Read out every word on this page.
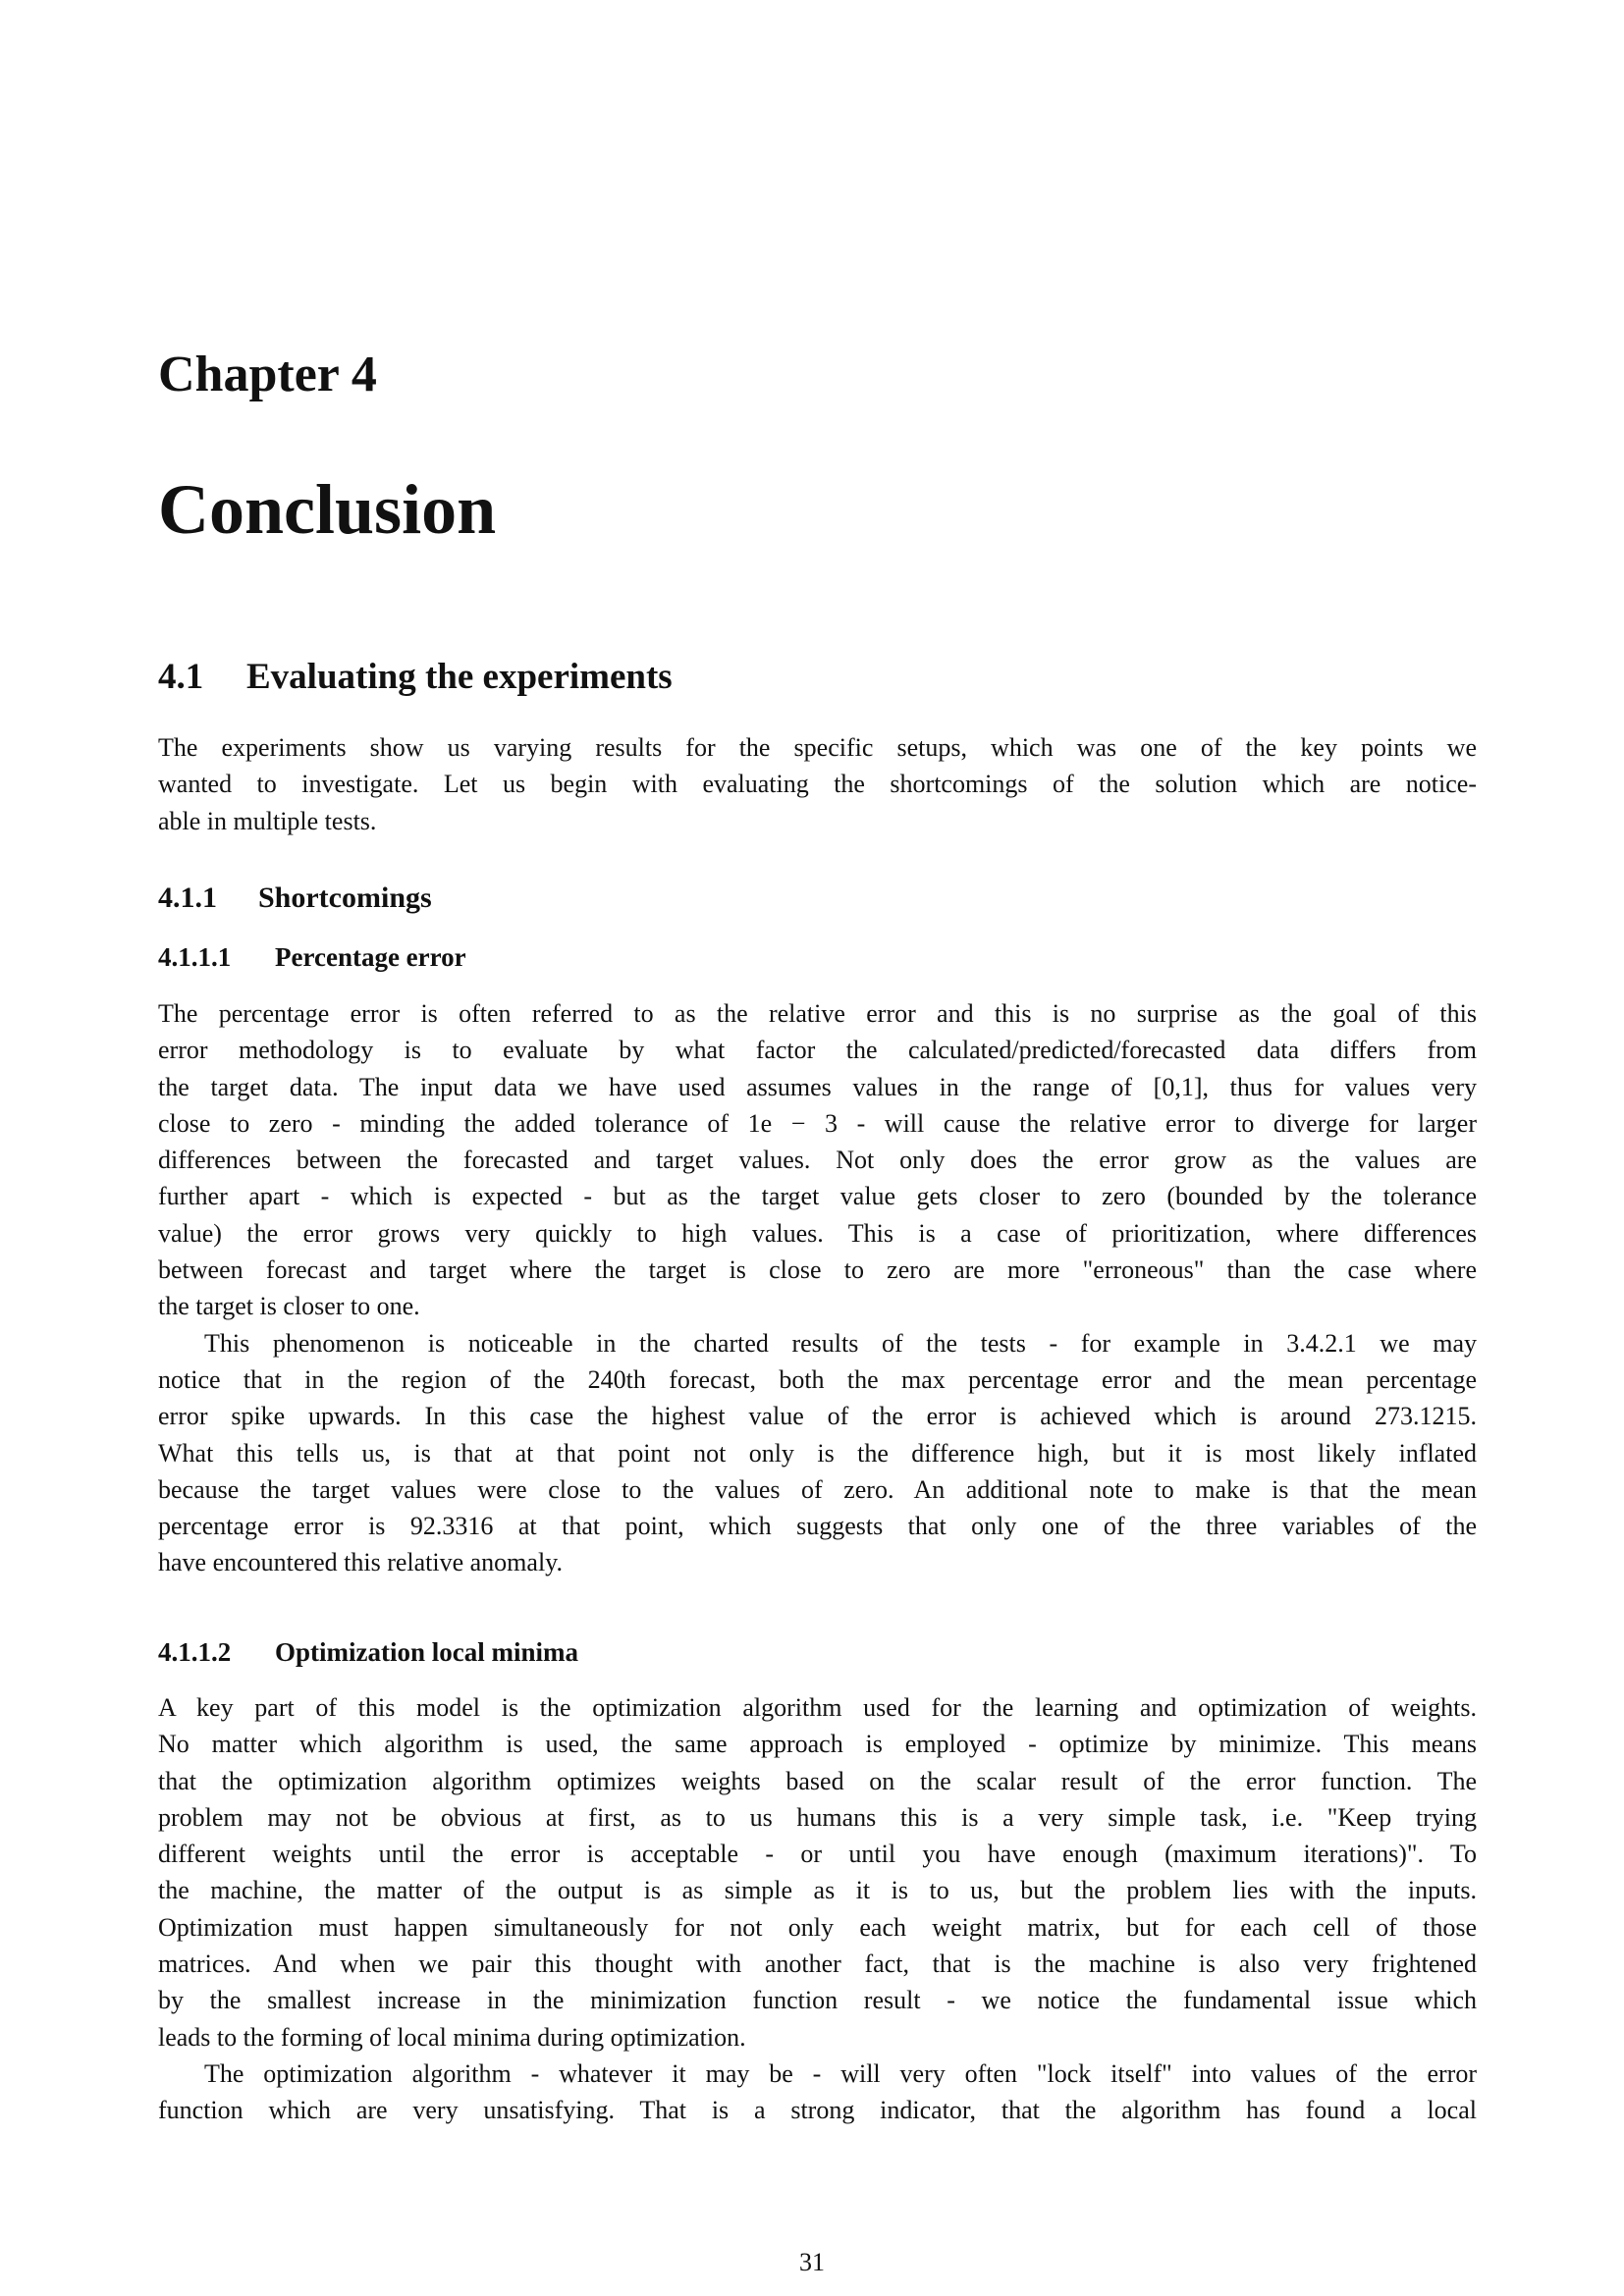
Chapter 4
Conclusion
4.1 Evaluating the experiments
The experiments show us varying results for the specific setups, which was one of the key points we
wanted to investigate. Let us begin with evaluating the shortcomings of the solution which are notice-
able in multiple tests.
4.1.1 Shortcomings
4.1.1.1 Percentage error
The percentage error is often referred to as the relative error and this is no surprise as the goal of this
error methodology is to evaluate by what factor the calculated/predicted/forecasted data differs from
the target data. The input data we have used assumes values in the range of [0,1], thus for values very
close to zero - minding the added tolerance of 1e − 3 - will cause the relative error to diverge for larger
differences between the forecasted and target values. Not only does the error grow as the values are
further apart - which is expected - but as the target value gets closer to zero (bounded by the tolerance
value) the error grows very quickly to high values. This is a case of prioritization, where differences
between forecast and target where the target is close to zero are more "erroneous" than the case where
the target is closer to one.
This phenomenon is noticeable in the charted results of the tests - for example in 3.4.2.1 we may
notice that in the region of the 240th forecast, both the max percentage error and the mean percentage
error spike upwards. In this case the highest value of the error is achieved which is around 273.1215.
What this tells us, is that at that point not only is the difference high, but it is most likely inflated
because the target values were close to the values of zero. An additional note to make is that the mean
percentage error is 92.3316 at that point, which suggests that only one of the three variables of the
have encountered this relative anomaly.
4.1.1.2 Optimization local minima
A key part of this model is the optimization algorithm used for the learning and optimization of weights.
No matter which algorithm is used, the same approach is employed - optimize by minimize. This means
that the optimization algorithm optimizes weights based on the scalar result of the error function. The
problem may not be obvious at first, as to us humans this is a very simple task, i.e. "Keep trying
different weights until the error is acceptable - or until you have enough (maximum iterations)". To
the machine, the matter of the output is as simple as it is to us, but the problem lies with the inputs.
Optimization must happen simultaneously for not only each weight matrix, but for each cell of those
matrices. And when we pair this thought with another fact, that is the machine is also very frightened
by the smallest increase in the minimization function result - we notice the fundamental issue which
leads to the forming of local minima during optimization.
The optimization algorithm - whatever it may be - will very often "lock itself" into values of the error
function which are very unsatisfying. That is a strong indicator, that the algorithm has found a local
31
